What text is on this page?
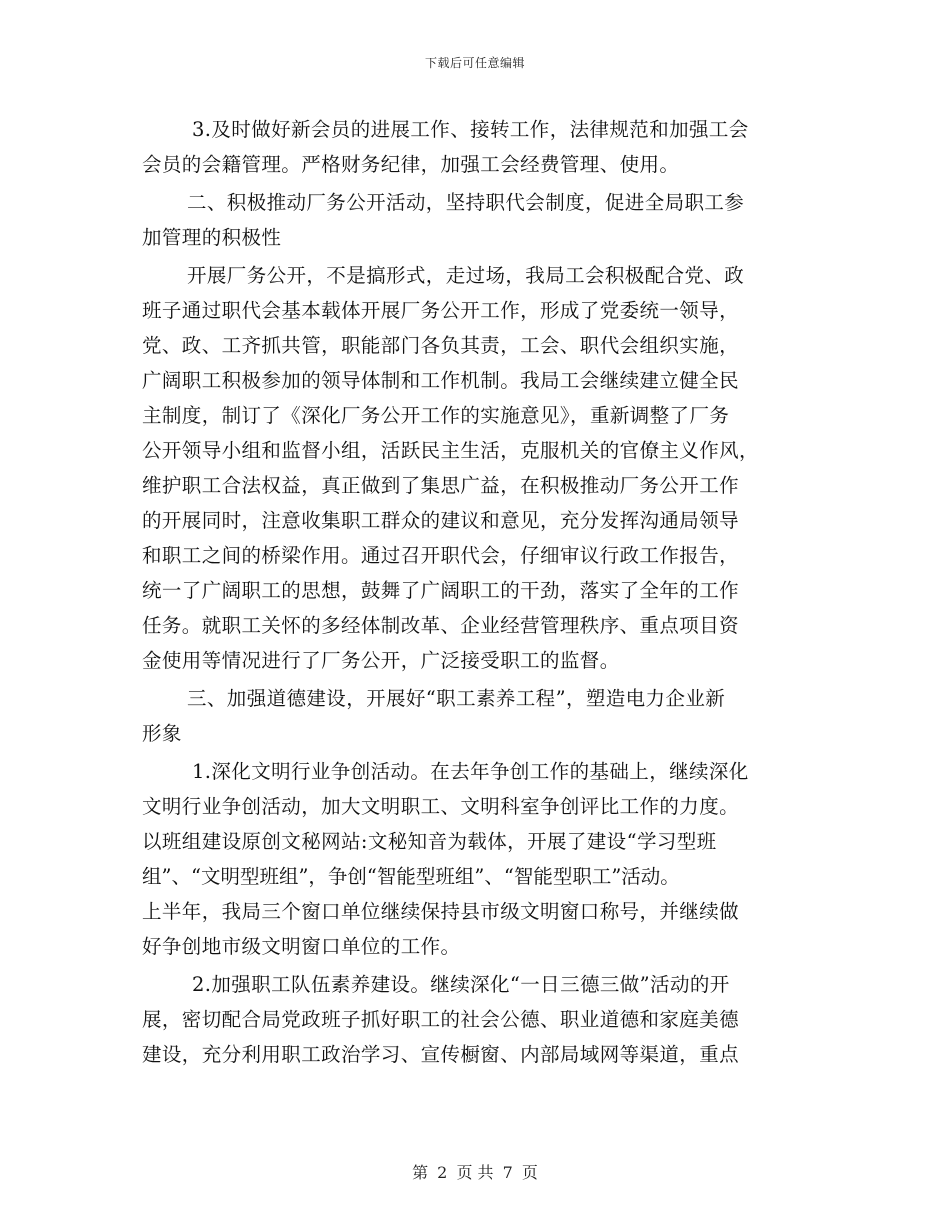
下载后可任意编辑
3.及时做好新会员的进展工作、接转工作，法律规范和加强工会
会员的会籍管理。严格财务纪律，加强工会经费管理、使用。
二、积极推动厂务公开活动，坚持职代会制度，促进全局职工参
加管理的积极性
开展厂务公开，不是搞形式，走过场，我局工会积极配合党、政
班子通过职代会基本载体开展厂务公开工作，形成了党委统一领导，
党、政、工齐抓共管，职能部门各负其责，工会、职代会组织实施，
广阔职工积极参加的领导体制和工作机制。我局工会继续建立健全民
主制度，制订了《深化厂务公开工作的实施意见》，重新调整了厂务
公开领导小组和监督小组，活跃民主生活，克服机关的官僚主义作风，
维护职工合法权益，真正做到了集思广益，在积极推动厂务公开工作
的开展同时，注意收集职工群众的建议和意见，充分发挥沟通局领导
和职工之间的桥梁作用。通过召开职代会，仔细审议行政工作报告，
统一了广阔职工的思想，鼓舞了广阔职工的干劲，落实了全年的工作
任务。就职工关怀的多经体制改革、企业经营管理秩序、重点项目资
金使用等情况进行了厂务公开，广泛接受职工的监督。
三、加强道德建设，开展好“职工素养工程”，塑造电力企业新
形象
1.深化文明行业争创活动。在去年争创工作的基础上，继续深化
文明行业争创活动，加大文明职工、文明科室争创评比工作的力度。
以班组建设原创文秘网站:文秘知音为载体，开展了建设“学习型班
组”、“文明型班组”，争创“智能型班组”、“智能型职工”活动。
上半年，我局三个窗口单位继续保持县市级文明窗口称号，并继续做
好争创地市级文明窗口单位的工作。
2.加强职工队伍素养建设。继续深化“一日三德三做”活动的开
展，密切配合局党政班子抓好职工的社会公德、职业道德和家庭美德
建设，充分利用职工政治学习、宣传橱窗、内部局域网等渠道，重点
第 2 页 共 7 页
